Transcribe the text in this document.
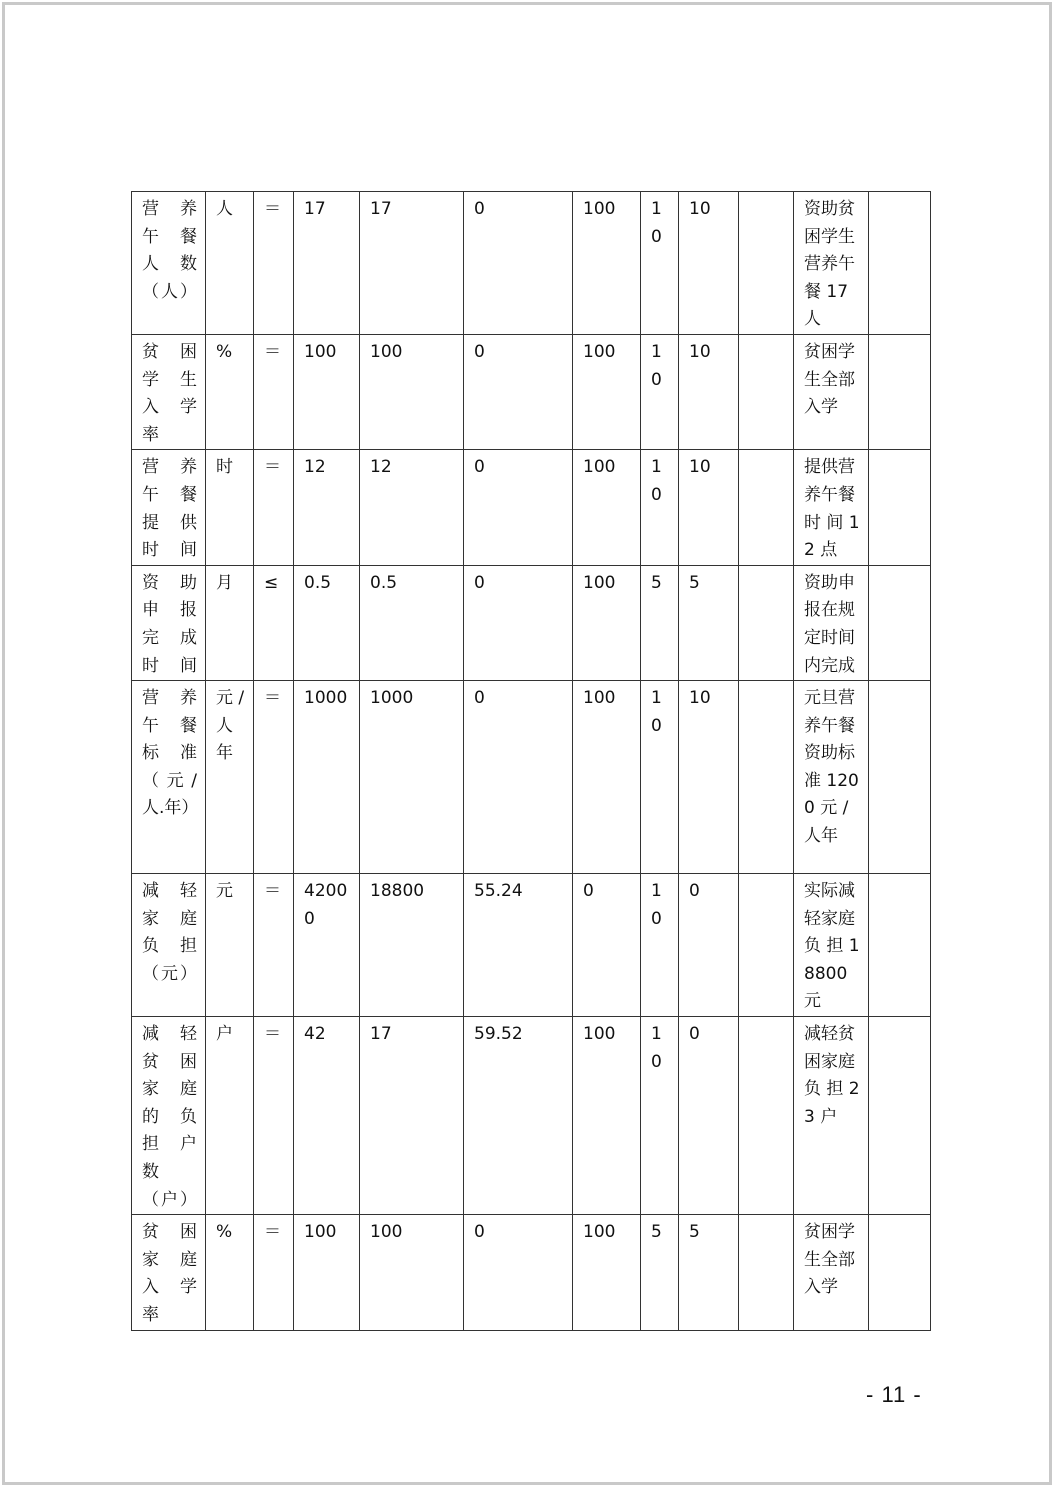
营 养 午 餐 人 数 （人）	人	＝	17	17	0	100	10	10		资助贫困学生营养午餐 17 人	
贫 困 学 生 入 学 率	%	＝	100	100	0	100	10	10		贫困学生全部入学	
营 养 午 餐 提 供 时间	时	＝	12	12	0	100	10	10		提供营养午餐时 间 12 点	
资 助 申 报 完 成 时间	月	≤	0.5	0.5	0	100	5	5		资助申报在规定时间内完成	
营 养 午 餐 标 准 （ 元 / 人.年）	元 / 人 年	＝	1000	1000	0	100	10	10		元旦营养午餐资助标准 1200 元 / 人年	
减 轻 家 庭 负 担 （元）	元	＝	42000	18800	55.24	0	10	0		实际减轻家庭负 担 18800 元	
减 轻 贫 困 家 庭 的 负 担 户 数 （户）	户	＝	42	17	59.52	100	10	0		减轻贫困家庭负 担 23 户	
贫 困 家 庭 入 学 率	%	＝	100	100	0	100	5	5		贫困学生全部入学	
- 11 -
